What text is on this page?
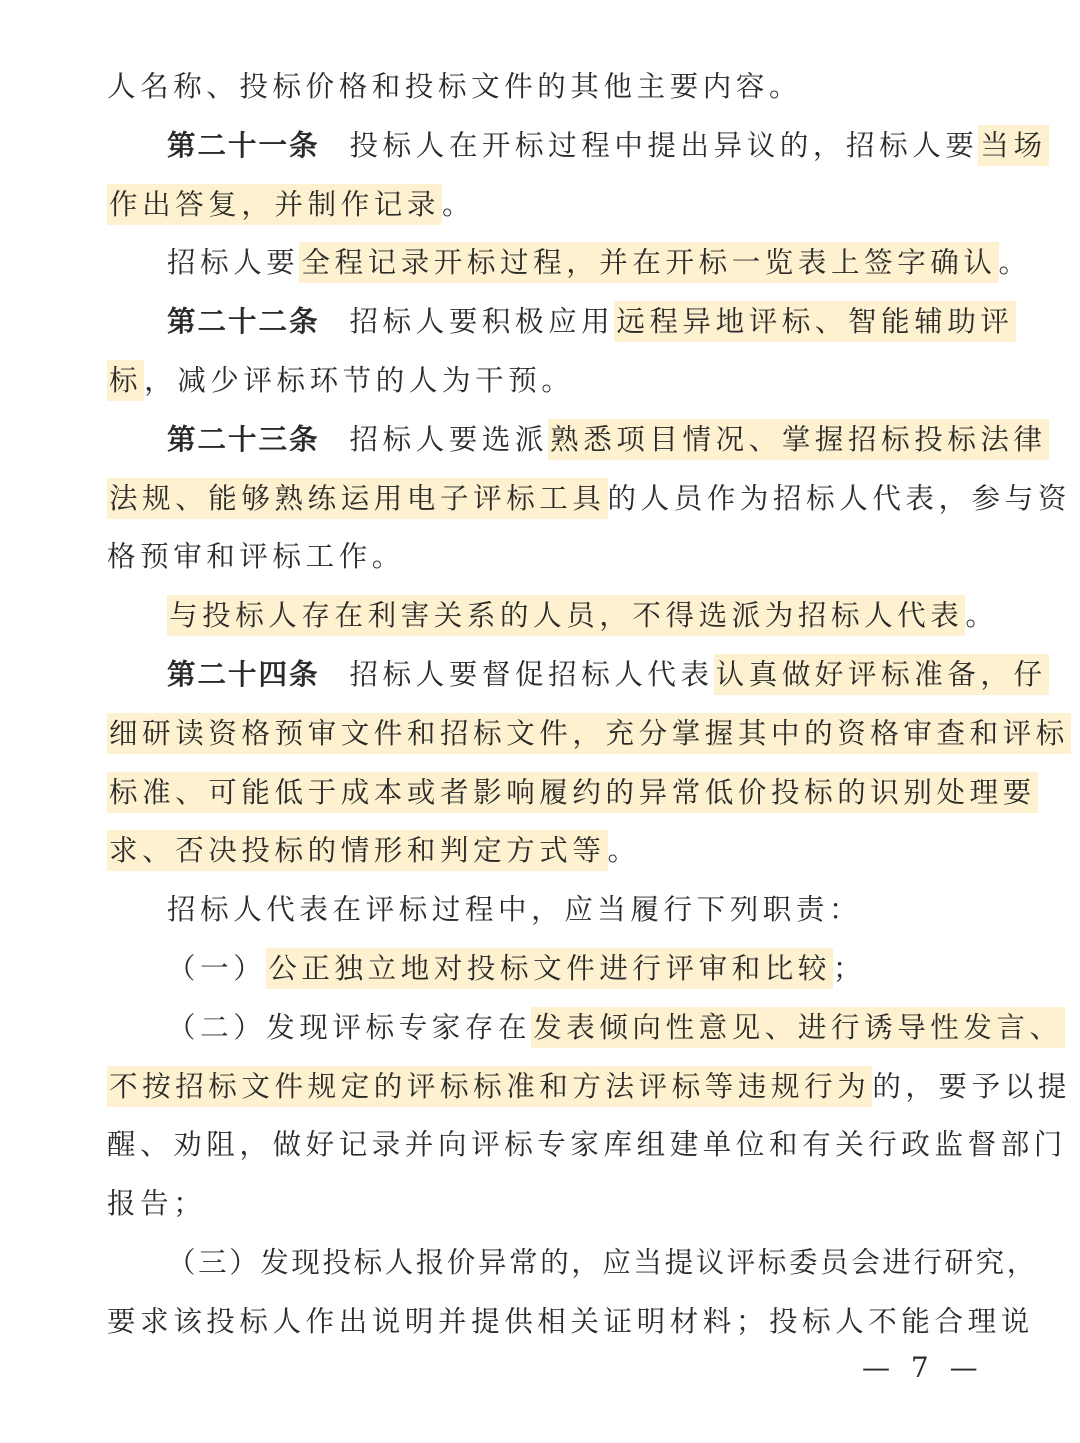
人名称、投标价格和投标文件的其他主要内容。
第二十一条 投标人在开标过程中提出异议的，招标人要当场
作出答复，并制作记录。
招标人要全程记录开标过程，并在开标一览表上签字确认。
第二十二条 招标人要积极应用远程异地评标、智能辅助评
标，减少评标环节的人为干预。
第二十三条 招标人要选派熟悉项目情况、掌握招标投标法律
法规、能够熟练运用电子评标工具的人员作为招标人代表，参与资
格预审和评标工作。
与投标人存在利害关系的人员，不得选派为招标人代表。
第二十四条 招标人要督促招标人代表认真做好评标准备，仔
细研读资格预审文件和招标文件，充分掌握其中的资格审查和评标
标准、可能低于成本或者影响履约的异常低价投标的识别处理要
求、否决投标的情形和判定方式等。
招标人代表在评标过程中，应当履行下列职责：
（一）公正独立地对投标文件进行评审和比较；
（二）发现评标专家存在发表倾向性意见、进行诱导性发言、
不按招标文件规定的评标标准和方法评标等违规行为的，要予以提
醒、劝阻，做好记录并向评标专家库组建单位和有关行政监督部门
报告；
（三）发现投标人报价异常的，应当提议评标委员会进行研究，
要求该投标人作出说明并提供相关证明材料；投标人不能合理说
— 7 —
